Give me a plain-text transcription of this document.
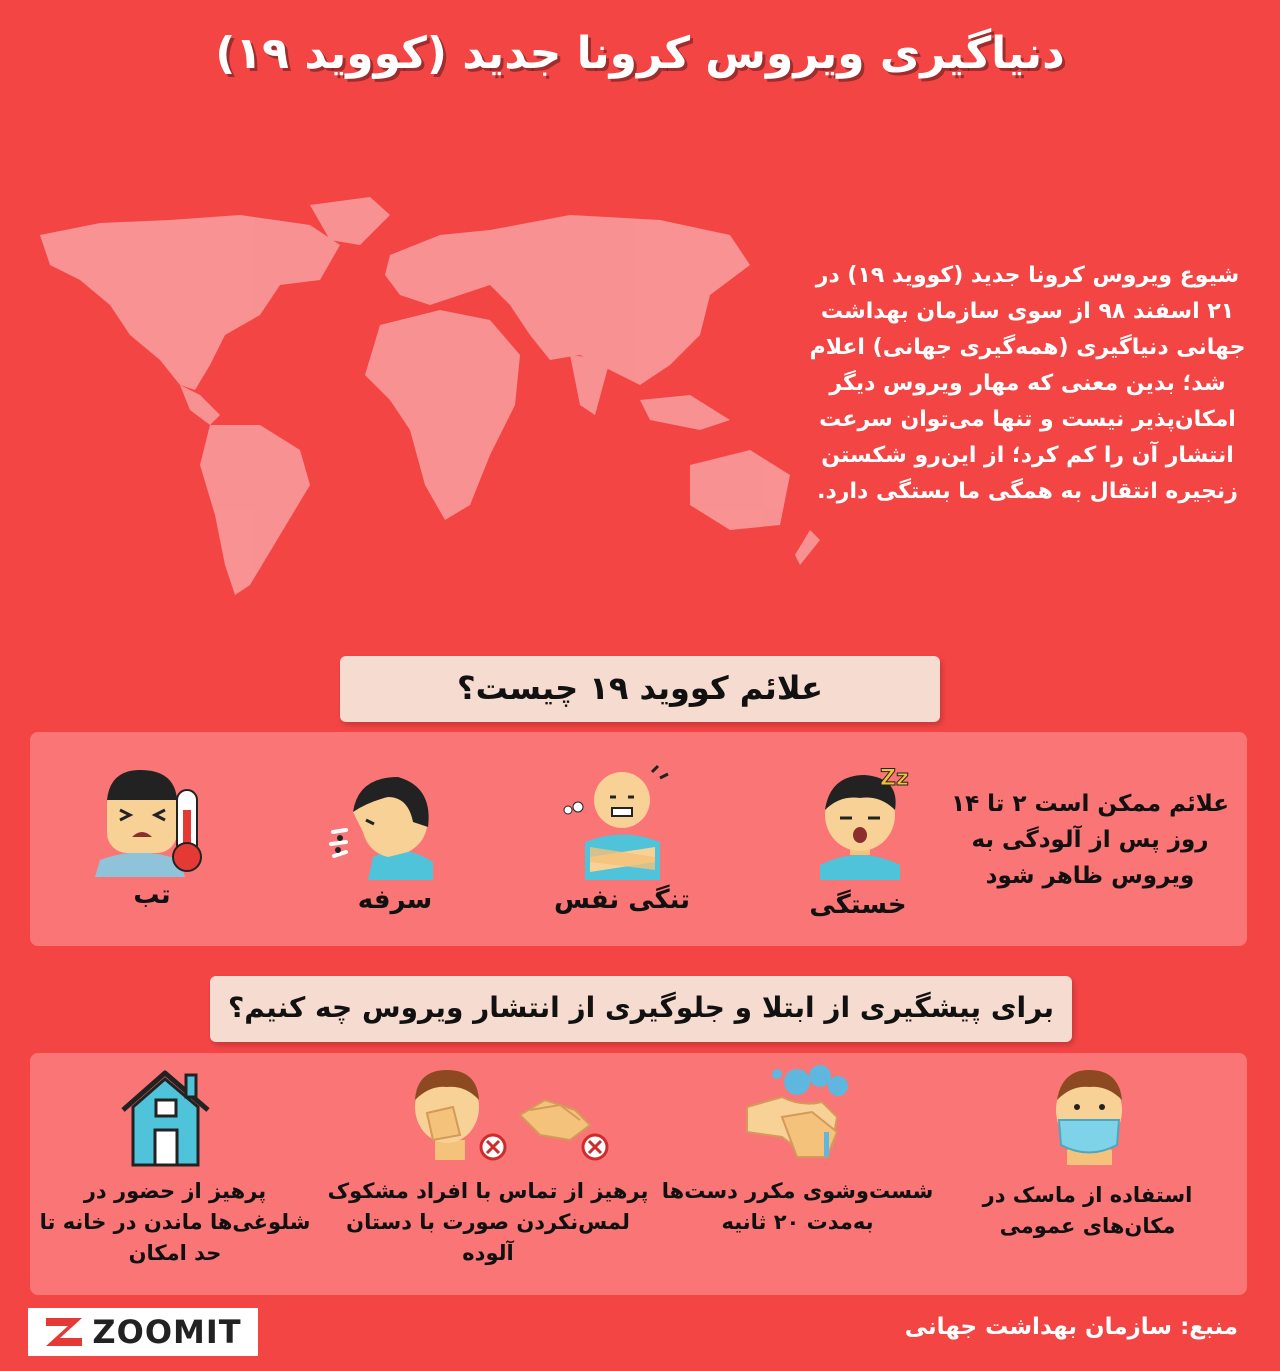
دنیاگیری ویروس کرونا جدید (کووید ۱۹)
شیوع ویروس کرونا جدید (کووید ۱۹) در ۲۱ اسفند ۹۸ از سوی سازمان بهداشت جهانی دنیاگیری (همه‌گیری جهانی) اعلام شد؛ بدین معنی که مهار ویروس دیگر امکان‌پذیر نیست و تنها می‌توان سرعت انتشار آن را کم کرد؛ از این‌رو شکستن زنجیره انتقال به همگی ما بستگی دارد.
علائم کووید ۱۹ چیست؟
علائم ممکن است ۲ تا ۱۴ روز پس از آلودگی به ویروس ظاهر شود
Zz
خستگی
تنگی نفس
سرفه
تب
برای پیشگیری از ابتلا و جلوگیری از انتشار ویروس چه کنیم؟
استفاده از ماسک در مکان‌های عمومی
شست‌وشوی مکرر دست‌ها به‌مدت ۲۰ ثانیه
پرهیز از تماس با افراد مشکوک لمس‌نکردن صورت با دستان آلوده
پرهیز از حضور در شلوغی‌ها ماندن در خانه تا حد امکان
ZOOMIT	منبع: سازمان بهداشت جهانی
